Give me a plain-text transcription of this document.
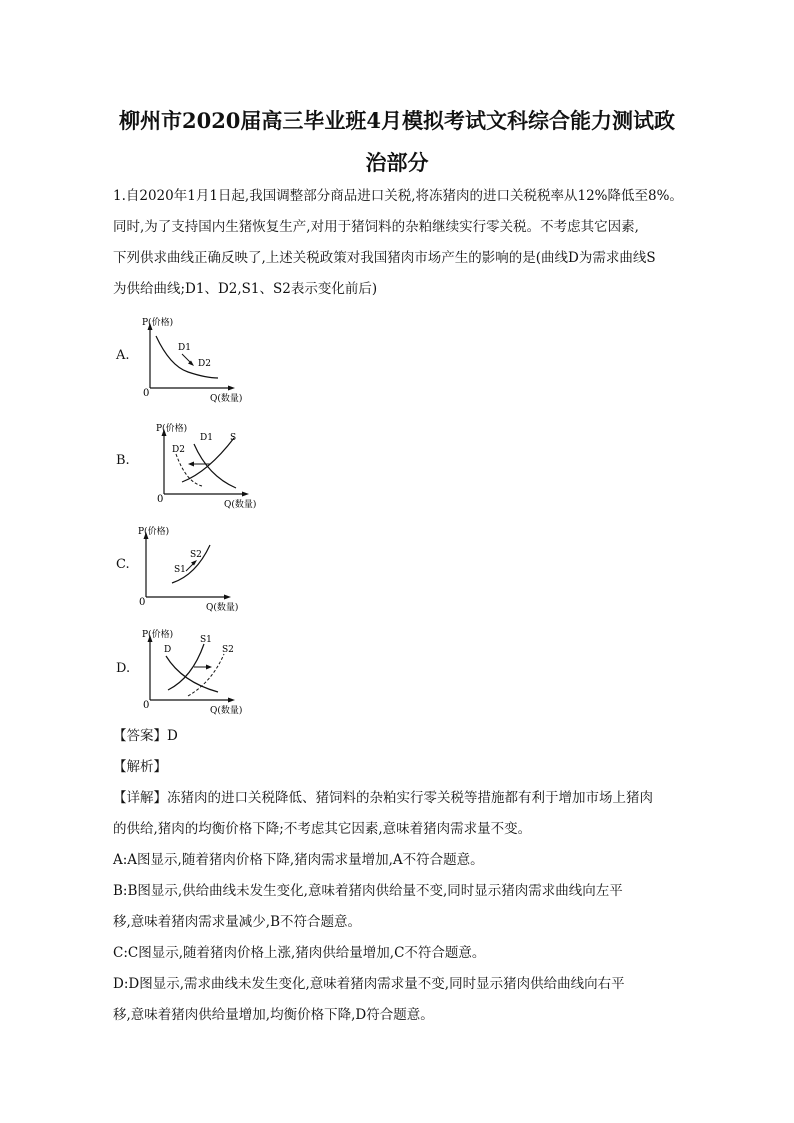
柳州市2020届高三毕业班4月模拟考试文科综合能力测试政
治部分

1.自2020年1月1日起,我国调整部分商品进口关税,将冻猪肉的进口关税税率从12%降低至8%。
同时,为了支持国内生猪恢复生产,对用于猪饲料的杂粕继续实行零关税。不考虑其它因素,
下列供求曲线正确反映了,上述关税政策对我国猪肉市场产生的影响的是(曲线D为需求曲线S
为供给曲线;D1、D2,S1、S2表示变化前后)

A.
P(价格)
Q(数量)
0
D1
D2
B.
P(价格)
Q(数量)
0
D2
D1 S
C.
P(价格)
Q(数量)
0
S2
S1
D.
P(价格)
Q(数量)
0
D
S1
S2
【答案】D
【解析】

【详解】冻猪肉的进口关税降低、猪饲料的杂粕实行零关税等措施都有利于增加市场上猪肉
的供给,猪肉的均衡价格下降;不考虑其它因素,意味着猪肉需求量不变。
A:A图显示,随着猪肉价格下降,猪肉需求量增加,A不符合题意。
B:B图显示,供给曲线未发生变化,意味着猪肉供给量不变,同时显示猪肉需求曲线向左平
移,意味着猪肉需求量减少,B不符合题意。
C:C图显示,随着猪肉价格上涨,猪肉供给量增加,C不符合题意。
D:D图显示,需求曲线未发生变化,意味着猪肉需求量不变,同时显示猪肉供给曲线向右平
移,意味着猪肉供给量增加,均衡价格下降,D符合题意。
